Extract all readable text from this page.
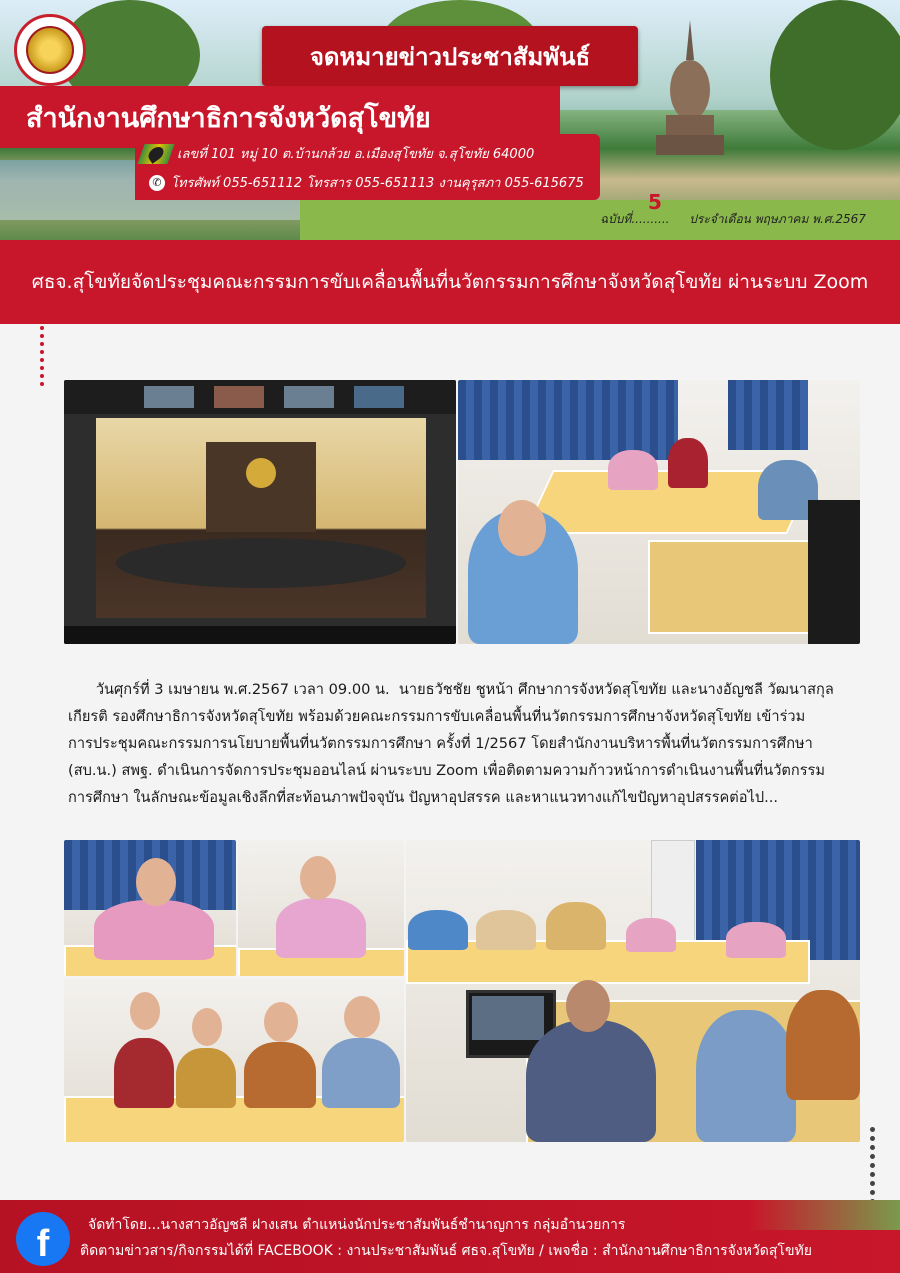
จดหมายข่าวประชาสัมพันธ์
สำนักงานศึกษาธิการจังหวัดสุโขทัย
เลขที่ 101 หมู่ 10 ต.บ้านกล้วย อ.เมืองสุโขทัย จ.สุโขทัย 64000
✆ โทรศัพท์ 055-651112 โทรสาร 055-651113 งานคุรุสภา 055-615675
5
ฉบับที่.......... ประจำเดือน พฤษภาคม พ.ศ.2567
ศธจ.สุโขทัยจัดประชุมคณะกรรมการขับเคลื่อนพื้นที่นวัตกรรมการศึกษาจังหวัดสุโขทัย ผ่านระบบ Zoom
วันศุกร์ที่ 3 เมษายน พ.ศ.2567 เวลา 09.00 น.  นายธวัชชัย ชูหน้า ศึกษาการจังหวัดสุโขทัย และนางอัญชลี วัฒนาสกุล
เกียรติ รองศึกษาธิการจังหวัดสุโขทัย พร้อมด้วยคณะกรรมการขับเคลื่อนพื้นที่นวัตกรรมการศึกษาจังหวัดสุโขทัย เข้าร่วม
การประชุมคณะกรรมการนโยบายพื้นที่นวัตกรรมการศึกษา ครั้งที่ 1/2567 โดยสำนักงานบริหารพื้นที่นวัตกรรมการศึกษา
(สบ.น.) สพฐ. ดำเนินการจัดการประชุมออนไลน์ ผ่านระบบ Zoom เพื่อติดตามความก้าวหน้าการดำเนินงานพื้นที่นวัตกรรม
การศึกษา ในลักษณะข้อมูลเชิงลึกที่สะท้อนภาพปัจจุบัน ปัญหาอุปสรรค และหาแนวทางแก้ไขปัญหาอุปสรรคต่อไป...
f	จัดทำโดย...นางสาวอัญชลี ฝางเสน ตำแหน่งนักประชาสัมพันธ์ชำนาญการ กลุ่มอำนวยการ
ติดตามข่าวสาร/กิจกรรมได้ที่ FACEBOOK : งานประชาสัมพันธ์ ศธจ.สุโขทัย / เพจชื่อ : สำนักงานศึกษาธิการจังหวัดสุโขทัย
